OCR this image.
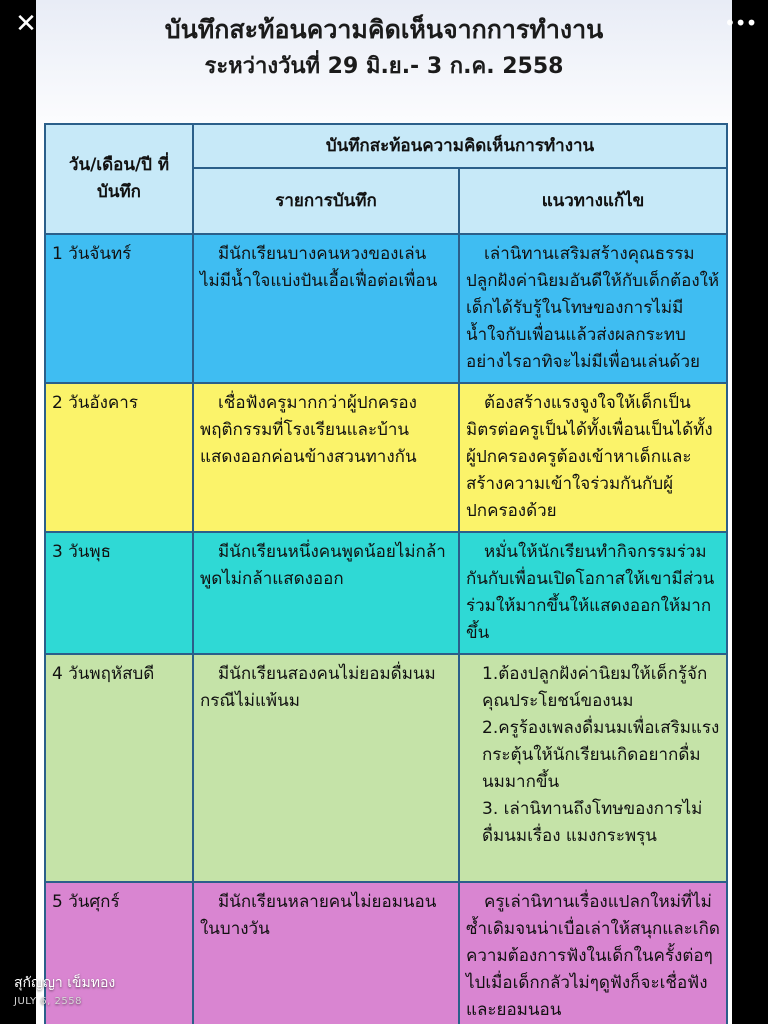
✕	•••
บันทึกสะท้อนความคิดเห็นจากการทำงาน
ระหว่างวันที่ 29 มิ.ย.- 3 ก.ค. 2558
วัน/เดือน/ปี ที่บันทึก	บันทึกสะท้อนความคิดเห็นการทำงาน	
	รายการบันทึก	แนวทางแก้ไข
1 วันจันทร์	มีนักเรียนบางคนหวงของเล่นไม่มีน้ำใจแบ่งปันเอื้อเฟื่อต่อเพื่อน	เล่านิทานเสริมสร้างคุณธรรมปลูกฝังค่านิยมอันดีให้กับเด็กต้องให้เด็กได้รับรู้ในโทษของการไม่มีน้ำใจกับเพื่อนแล้วส่งผลกระทบอย่างไรอาทิจะไม่มีเพื่อนเล่นด้วย
2 วันอังคาร	เชื่อฟังครูมากกว่าผู้ปกครองพฤติกรรมที่โรงเรียนและบ้านแสดงออกค่อนข้างสวนทางกัน	ต้องสร้างแรงจูงใจให้เด็กเป็นมิตรต่อครูเป็นได้ทั้งเพื่อนเป็นได้ทั้งผู้ปกครองครูต้องเข้าหาเด็กและสร้างความเข้าใจร่วมกันกับผู้ปกครองด้วย
3 วันพุธ	มีนักเรียนหนึ่งคนพูดน้อยไม่กล้าพูดไม่กล้าแสดงออก	หมั่นให้นักเรียนทำกิจกรรมร่วมกันกับเพื่อนเปิดโอกาสให้เขามีส่วนร่วมให้มากขึ้นให้แสดงออกให้มากขึ้น
4 วันพฤหัสบดี	มีนักเรียนสองคนไม่ยอมดื่มนมกรณีไม่แพ้นม	1.ต้องปลูกฝังค่านิยมให้เด็กรู้จักคุณประโยชน์ของนม
2.ครูร้องเพลงดื่มนมเพื่อเสริมแรงกระตุ้นให้นักเรียนเกิดอยากดื่มนมมากขึ้น
3. เล่านิทานถึงโทษของการไม่ดื่มนมเรื่อง แมงกระพรุน

5 วันศุกร์	มีนักเรียนหลายคนไม่ยอมนอนในบางวัน	ครูเล่านิทานเรื่องแปลกใหม่ที่ไม่ซ้ำเดิมจนน่าเบื่อเล่าให้สนุกและเกิดความต้องการฟังในเด็กในครั้งต่อๆไปเมื่อเด็กกลัวไม่ๆดูฟังก็จะเชื่อฟังและยอมนอน
สุกัญญา เข็มทอง
JULY 6, 2558
